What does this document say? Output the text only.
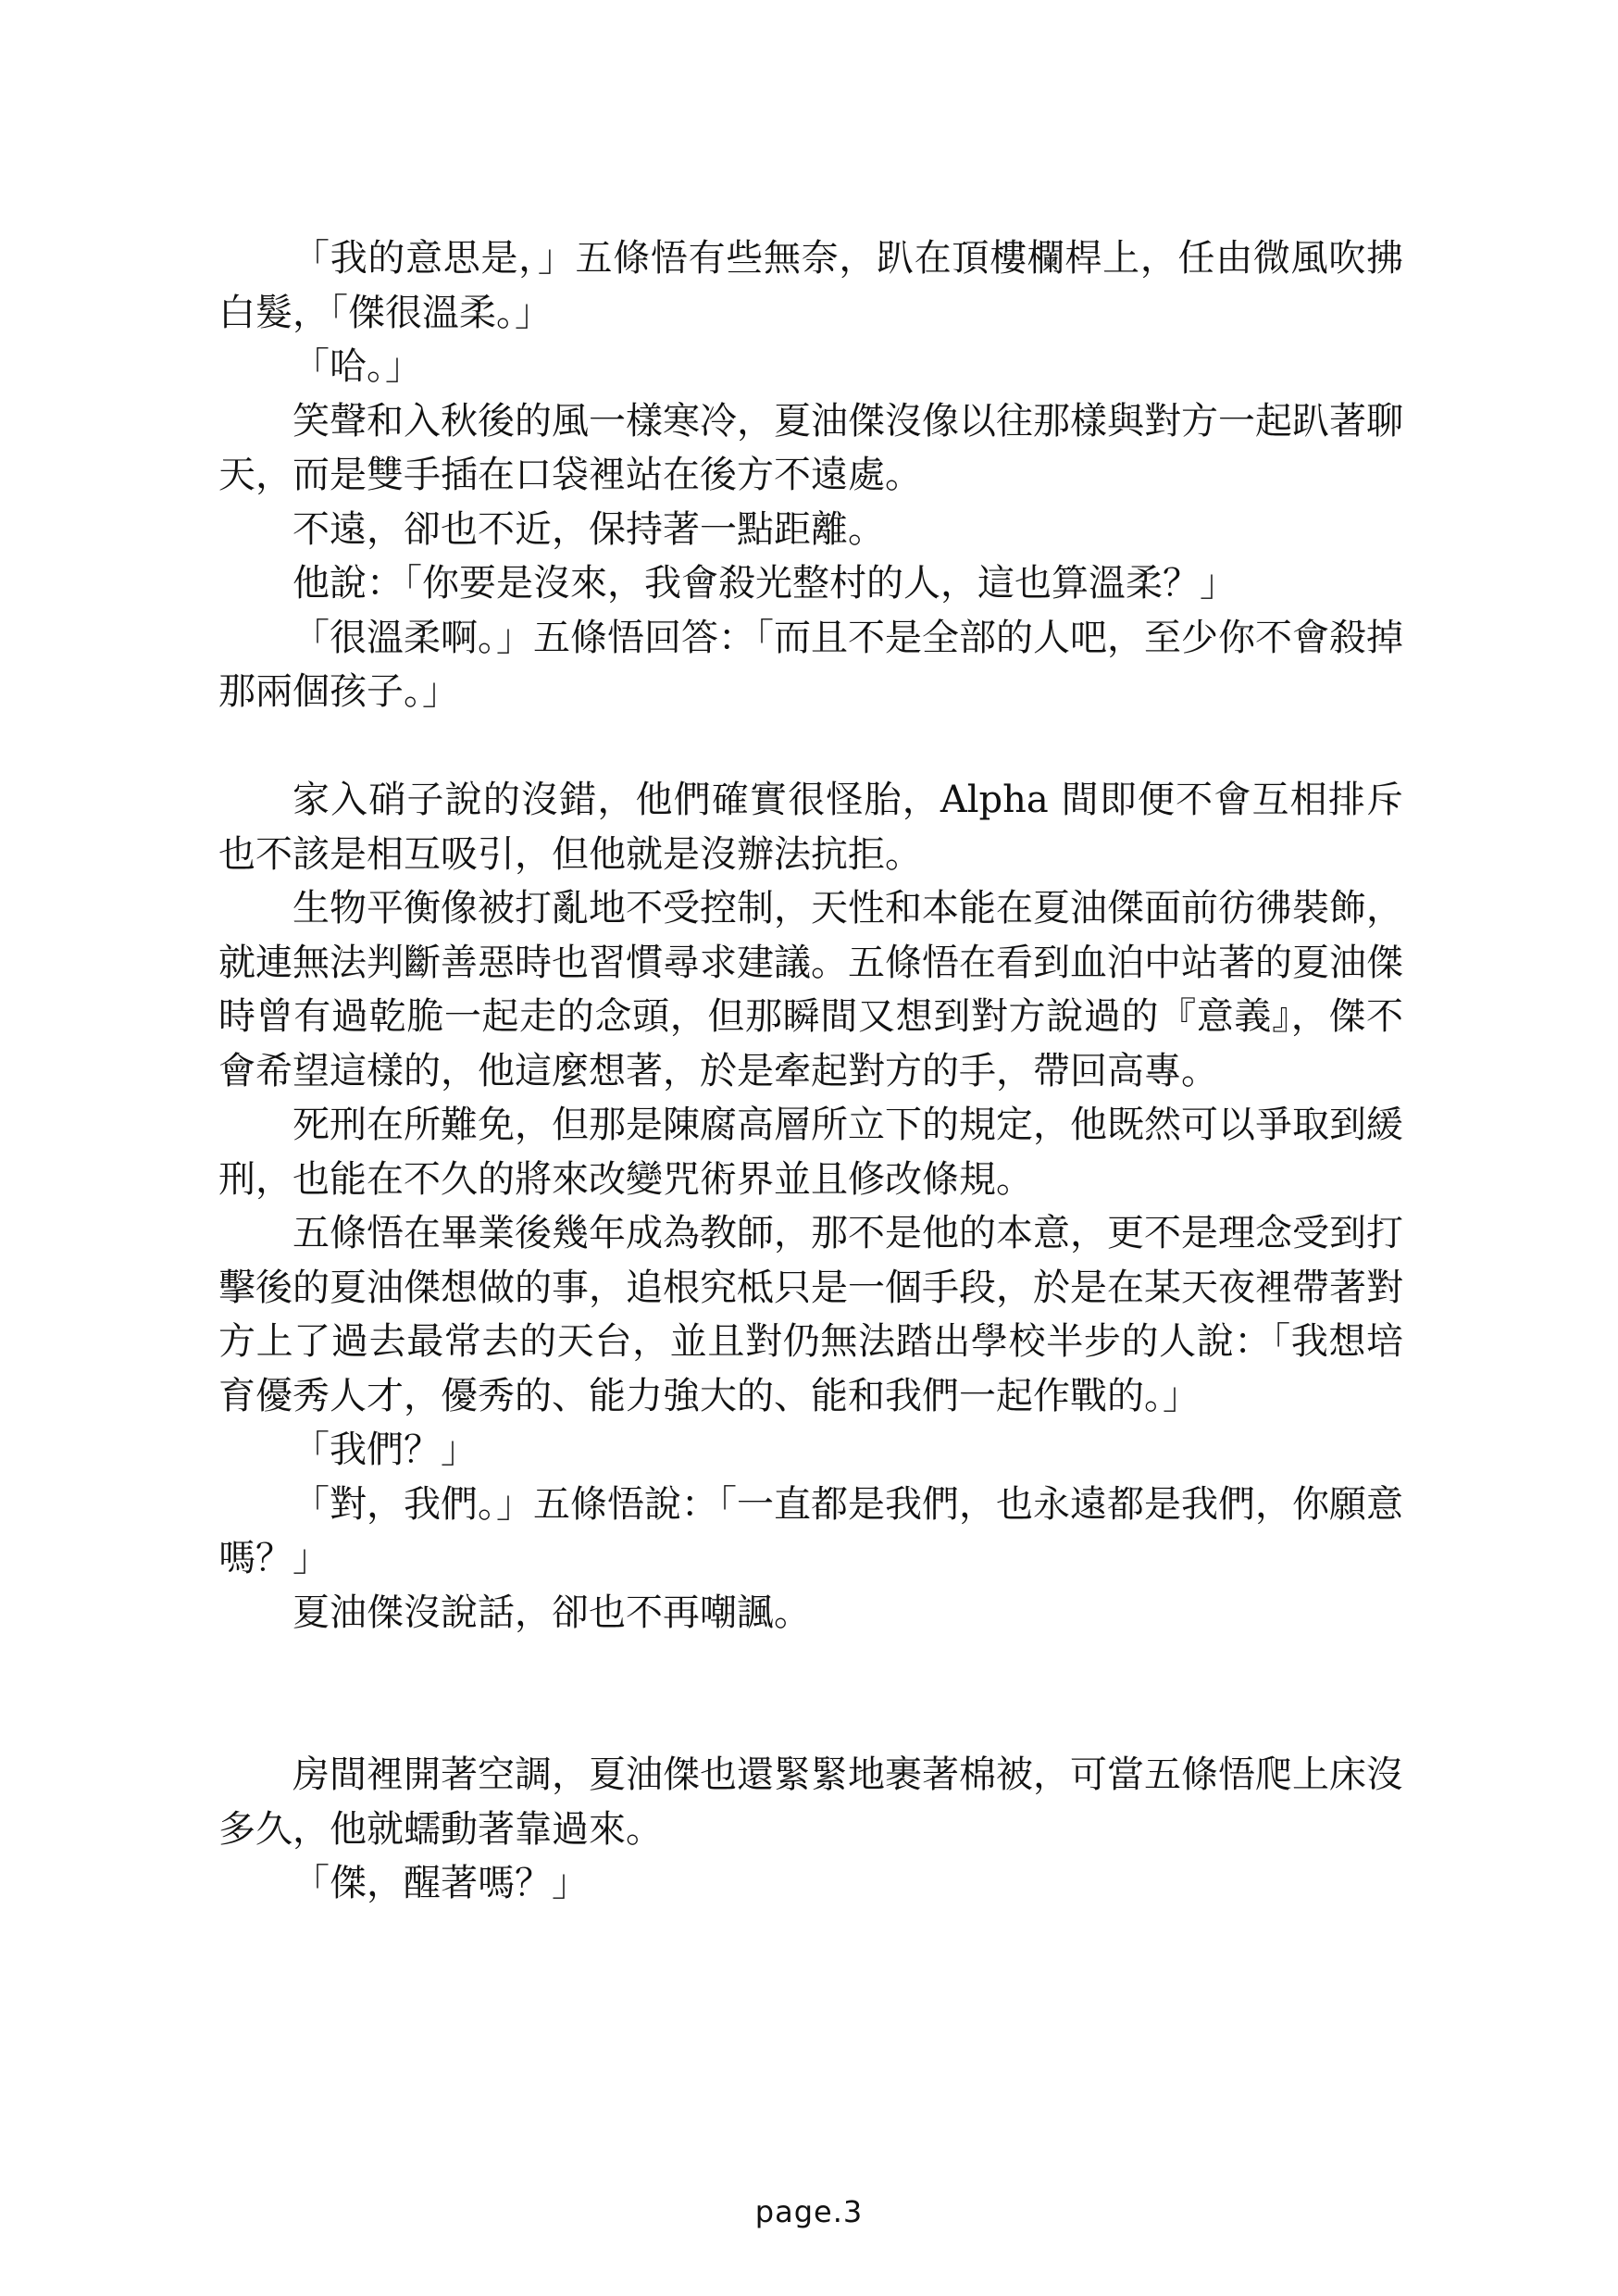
「我的意思是，」五條悟有些無奈，趴在頂樓欄桿上，任由微風吹拂白髮，「傑很溫柔。」

「哈。」

笑聲和入秋後的風一樣寒冷，夏油傑沒像以往那樣與對方一起趴著聊天，而是雙手插在口袋裡站在後方不遠處。

不遠，卻也不近，保持著一點距離。

他說：「你要是沒來，我會殺光整村的人，這也算溫柔？」

「很溫柔啊。」五條悟回答：「而且不是全部的人吧，至少你不會殺掉那兩個孩子。」

家入硝子說的沒錯，他們確實很怪胎，Alpha 間即便不會互相排斥也不該是相互吸引，但他就是沒辦法抗拒。

生物平衡像被打亂地不受控制，天性和本能在夏油傑面前彷彿裝飾，就連無法判斷善惡時也習慣尋求建議。五條悟在看到血泊中站著的夏油傑時曾有過乾脆一起走的念頭，但那瞬間又想到對方說過的『意義』，傑不會希望這樣的，他這麼想著，於是牽起對方的手，帶回高專。

死刑在所難免，但那是陳腐高層所立下的規定，他既然可以爭取到緩刑，也能在不久的將來改變咒術界並且修改條規。

五條悟在畢業後幾年成為教師，那不是他的本意，更不是理念受到打擊後的夏油傑想做的事，追根究柢只是一個手段，於是在某天夜裡帶著對方上了過去最常去的天台，並且對仍無法踏出學校半步的人說：「我想培育優秀人才，優秀的、能力強大的、能和我們一起作戰的。」

「我們？」

「對，我們。」五條悟說：「一直都是我們，也永遠都是我們，你願意嗎？」

夏油傑沒說話，卻也不再嘲諷。

房間裡開著空調，夏油傑也還緊緊地裹著棉被，可當五條悟爬上床沒多久，他就蠕動著靠過來。

「傑，醒著嗎？」

page.3
